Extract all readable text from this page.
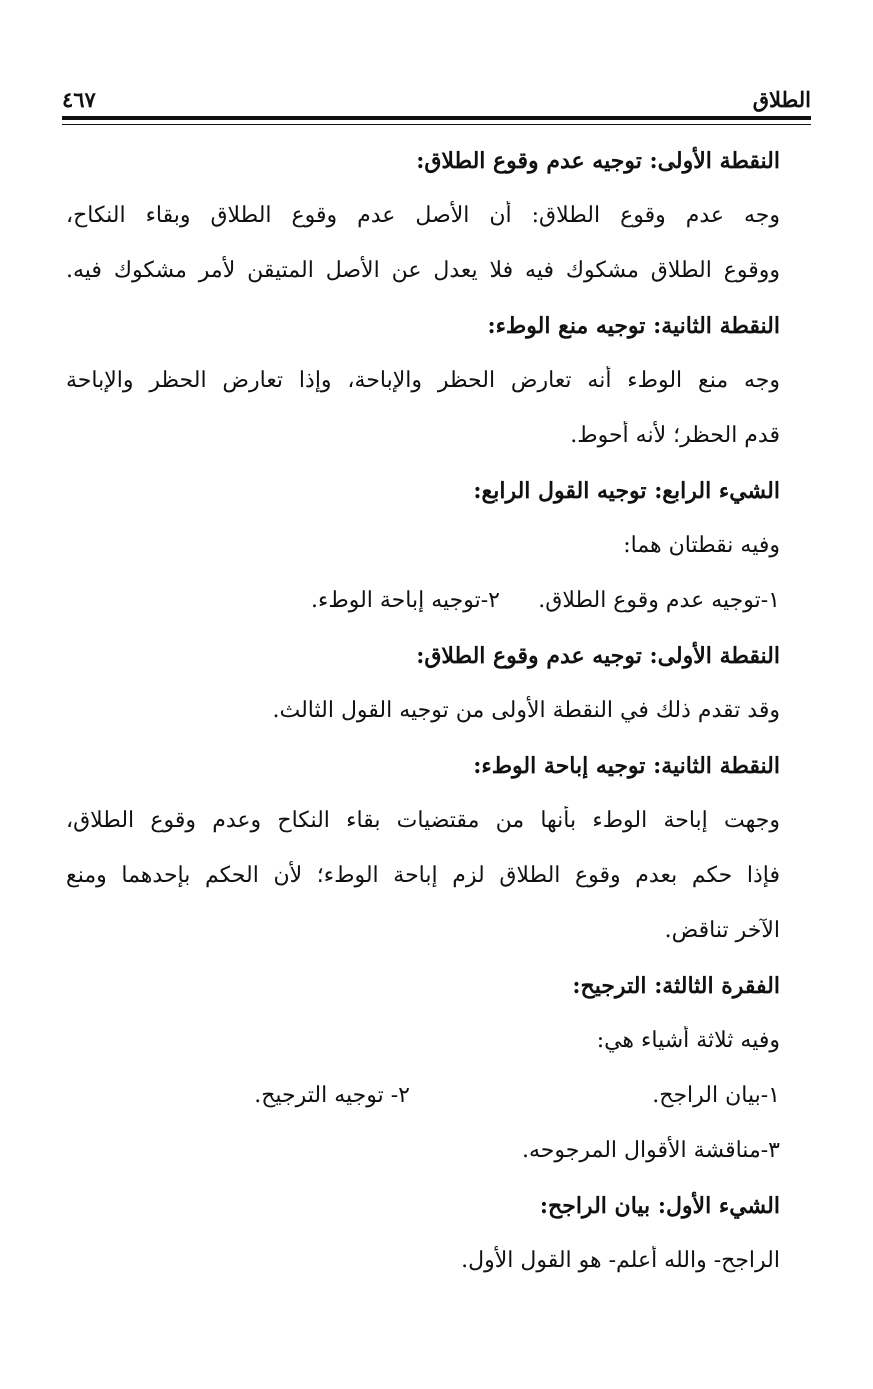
الطلاق
٤٦٧
النقطة الأولى: توجيه عدم وقوع الطلاق:
وجه عدم وقوع الطلاق: أن الأصل عدم وقوع الطلاق وبقاء النكاح،
ووقوع الطلاق مشكوك فيه فلا يعدل عن الأصل المتيقن لأمر مشكوك فيه.
النقطة الثانية: توجيه منع الوطء:
وجه منع الوطء أنه تعارض الحظر والإباحة، وإذا تعارض الحظر والإباحة
قدم الحظر؛ لأنه أحوط.
الشيء الرابع: توجيه القول الرابع:
وفيه نقطتان هما:
١-توجيه عدم وقوع الطلاق.
٢-توجيه إباحة الوطء.
النقطة الأولى: توجيه عدم وقوع الطلاق:
وقد تقدم ذلك في النقطة الأولى من توجيه القول الثالث.
النقطة الثانية: توجيه إباحة الوطء:
وجهت إباحة الوطء بأنها من مقتضيات بقاء النكاح وعدم وقوع الطلاق،
فإذا حكم بعدم وقوع الطلاق لزم إباحة الوطء؛ لأن الحكم بإحدهما ومنع
الآخر تناقض.
الفقرة الثالثة: الترجيح:
وفيه ثلاثة أشياء هي:
١-بيان الراجح.
٢- توجيه الترجيح.
٣-مناقشة الأقوال المرجوحه.
الشيء الأول: بيان الراجح:
الراجح- والله أعلم- هو القول الأول.
